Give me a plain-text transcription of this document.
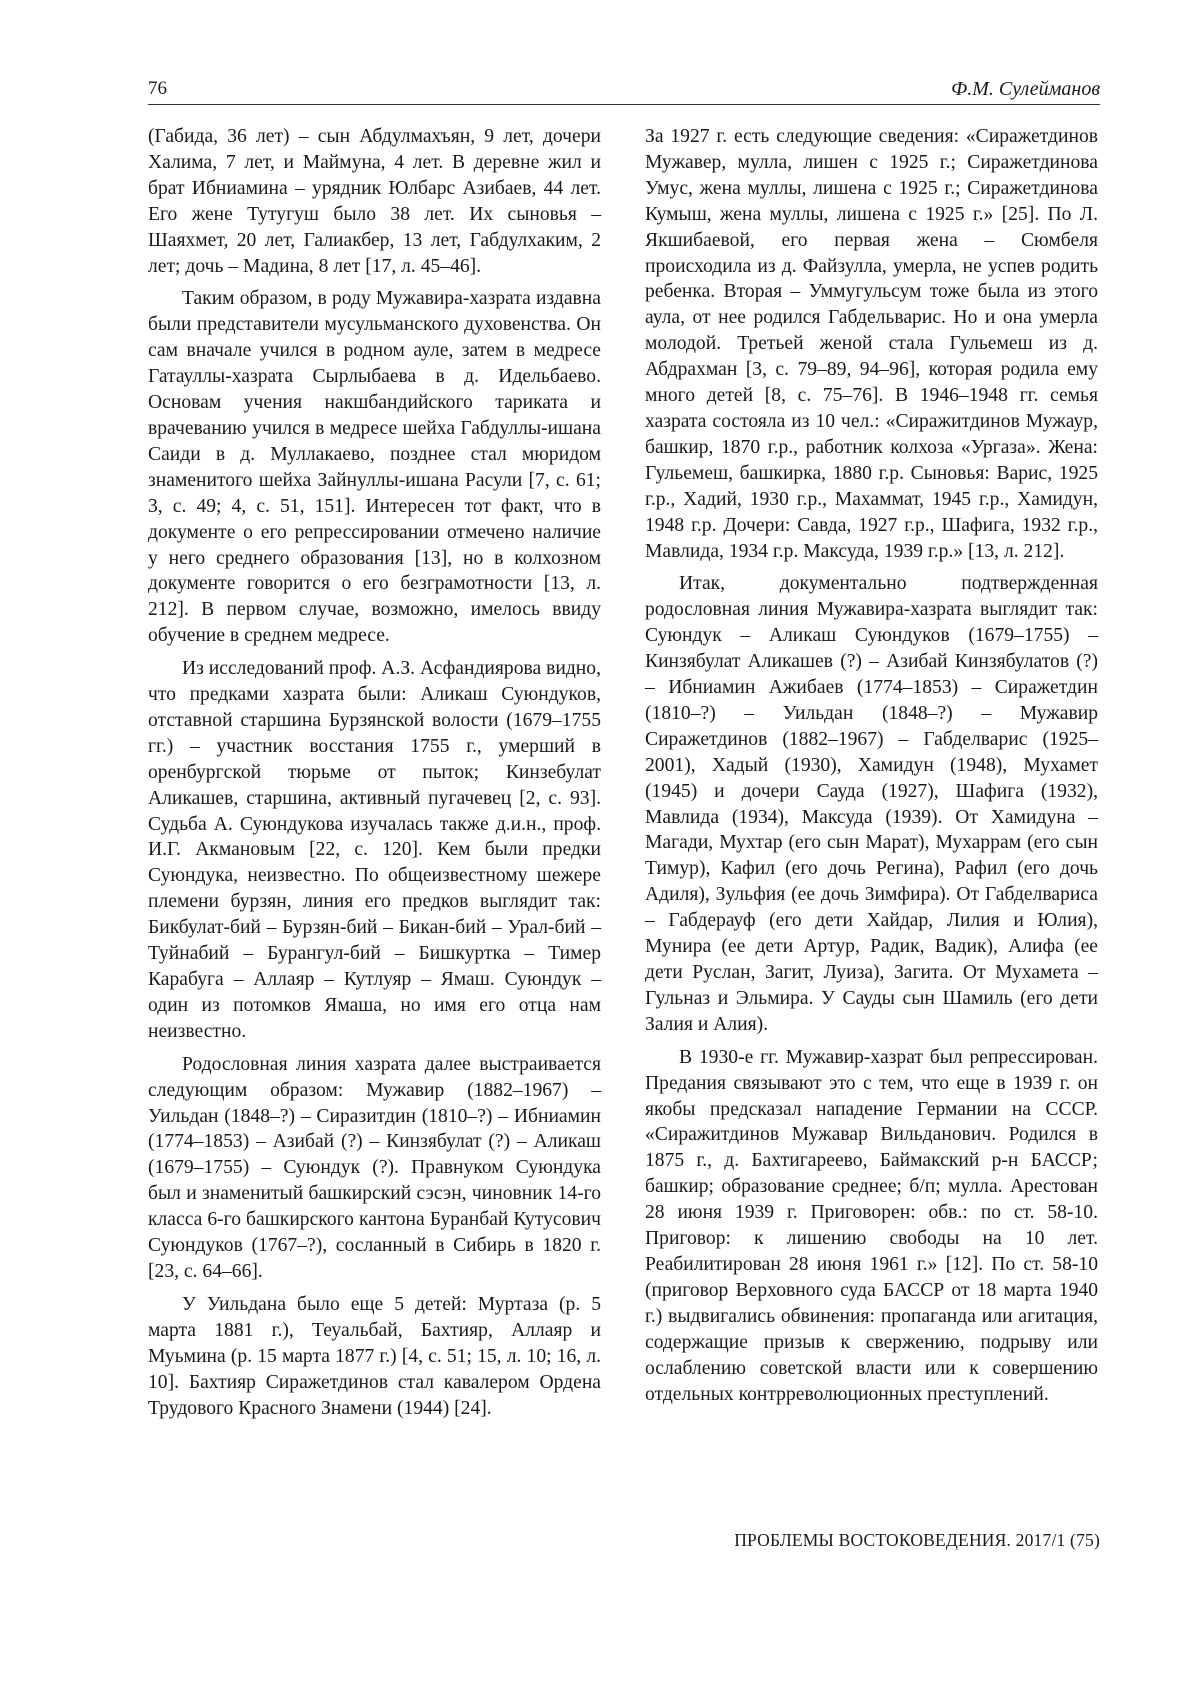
76	Ф.М. Сулейманов

(Габида, 36 лет) – сын Абдулмахъян, 9 лет, дочери Халима, 7 лет, и Маймуна, 4 лет. В деревне жил и брат Ибниамина – урядник Юлбарс Азибаев, 44 лет. Его жене Тутугуш было 38 лет. Их сыновья – Шаяхмет, 20 лет, Галиакбер, 13 лет, Габдулхаким, 2 лет; дочь – Мадина, 8 лет [17, л. 45–46].

Таким образом, в роду Мужавира-хазрата издавна были представители мусульманского духовенства. Он сам вначале учился в родном ауле, затем в медресе Гатауллы-хазрата Сырлыбаева в д. Идельбаево. Основам учения накшбандийского тариката и врачеванию учился в медресе шейха Габдуллы-ишана Саиди в д. Муллакаево, позднее стал мюридом знаменитого шейха Зайнуллы-ишана Расули [7, с. 61; 3, с. 49; 4, с. 51, 151]. Интересен тот факт, что в документе о его репрессировании отмечено наличие у него среднего образования [13], но в колхозном документе говорится о его безграмотности [13, л. 212]. В первом случае, возможно, имелось ввиду обучение в среднем медресе.

Из исследований проф. А.З. Асфандиярова видно, что предками хазрата были: Аликаш Суюндуков, отставной старшина Бурзянской волости (1679–1755 гг.) – участник восстания 1755 г., умерший в оренбургской тюрьме от пыток; Кинзебулат Аликашев, старшина, активный пугачевец [2, с. 93]. Судьба А. Суюндукова изучалась также д.и.н., проф. И.Г. Акмановым [22, с. 120]. Кем были предки Суюндука, неизвестно. По общеизвестному шежере племени бурзян, линия его предков выглядит так: Бикбулат-бий – Бурзян-бий – Бикан-бий – Урал-бий – Туйнабий – Бурангул-бий – Бишкуртка – Тимер Карабуга – Аллаяр – Кутлуяр – Ямаш. Суюндук – один из потомков Ямаша, но имя его отца нам неизвестно.

Родословная линия хазрата далее выстраивается следующим образом: Мужавир (1882–1967) – Уильдан (1848–?) – Сиразитдин (1810–?) – Ибниамин (1774–1853) – Азибай (?) – Кинзябулат (?) – Аликаш (1679–1755) – Суюндук (?). Правнуком Суюндука был и знаменитый башкирский сэсэн, чиновник 14-го класса 6-го башкирского кантона Буранбай Кутусович Суюндуков (1767–?), сосланный в Сибирь в 1820 г. [23, с. 64–66].

У Уильдана было еще 5 детей: Муртаза (р. 5 марта 1881 г.), Теуальбай, Бахтияр, Аллаяр и Муьмина (р. 15 марта 1877 г.) [4, с. 51; 15, л. 10; 16, л. 10]. Бахтияр Сиражетдинов стал кавалером Ордена Трудового Красного Знамени (1944) [24].

За 1927 г. есть следующие сведения: «Сиражетдинов Мужавер, мулла, лишен с 1925 г.; Сиражетдинова Умус, жена муллы, лишена с 1925 г.; Сиражетдинова Кумыш, жена муллы, лишена с 1925 г.» [25]. По Л. Якшибаевой, его первая жена – Сюмбеля происходила из д. Файзулла, умерла, не успев родить ребенка. Вторая – Уммугульсум тоже была из этого аула, от нее родился Габдельварис. Но и она умерла молодой. Третьей женой стала Гульемеш из д. Абдрахман [3, с. 79–89, 94–96], которая родила ему много детей [8, с. 75–76]. В 1946–1948 гг. семья хазрата состояла из 10 чел.: «Сиражитдинов Мужаур, башкир, 1870 г.р., работник колхоза «Ургаза». Жена: Гульемеш, башкирка, 1880 г.р. Сыновья: Варис, 1925 г.р., Хадий, 1930 г.р., Махаммат, 1945 г.р., Хамидун, 1948 г.р. Дочери: Савда, 1927 г.р., Шафига, 1932 г.р., Мавлида, 1934 г.р. Максуда, 1939 г.р.» [13, л. 212].

Итак, документально подтвержденная родословная линия Мужавира-хазрата выглядит так: Суюндук – Аликаш Суюндуков (1679–1755) – Кинзябулат Аликашев (?) – Азибай Кинзябулатов (?) – Ибниамин Ажибаев (1774–1853) – Сиражетдин (1810–?) – Уильдан (1848–?) – Мужавир Сиражетдинов (1882–1967) – Габделварис (1925–2001), Хадый (1930), Хамидун (1948), Мухамет (1945) и дочери Сауда (1927), Шафига (1932), Мавлида (1934), Максуда (1939). От Хамидуна – Магади, Мухтар (его сын Марат), Мухаррам (его сын Тимур), Кафил (его дочь Регина), Рафил (его дочь Адиля), Зульфия (ее дочь Зимфира). От Габделвариса – Габдерауф (его дети Хайдар, Лилия и Юлия), Мунира (ее дети Артур, Радик, Вадик), Алифа (ее дети Руслан, Загит, Луиза), Загита. От Мухамета – Гульназ и Эльмира. У Сауды сын Шамиль (его дети Залия и Алия).

В 1930-е гг. Мужавир-хазрат был репрессирован. Предания связывают это с тем, что еще в 1939 г. он якобы предсказал нападение Германии на СССР. «Сиражитдинов Мужавар Вильданович. Родился в 1875 г., д. Бахтигареево, Баймакский р-н БАССР; башкир; образование среднее; б/п; мулла. Арестован 28 июня 1939 г. Приговорен: обв.: по ст. 58-10. Приговор: к лишению свободы на 10 лет. Реабилитирован 28 июня 1961 г.» [12]. По ст. 58-10 (приговор Верховного суда БАССР от 18 марта 1940 г.) выдвигались обвинения: пропаганда или агитация, содержащие призыв к свержению, подрыву или ослаблению советской власти или к совершению отдельных контрреволюционных преступлений.

ПРОБЛЕМЫ ВОСТОКОВЕДЕНИЯ. 2017/1 (75)
